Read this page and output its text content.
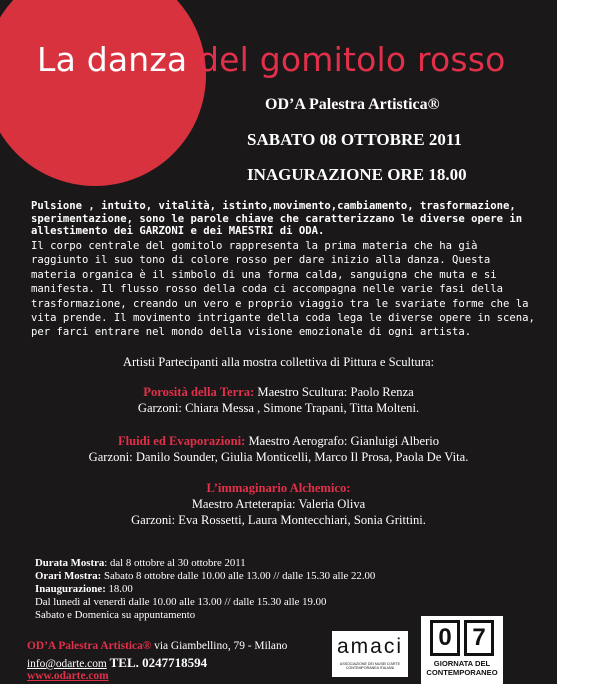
La danza del gomitolo rosso
OD’A Palestra Artistica®
SABATO 08 OTTOBRE 2011
INAGURAZIONE ORE 18.00
Pulsione , intuito, vitalità, istinto,movimento,cambiamento, trasformazione, sperimentazione, sono le parole chiave che caratterizzano le diverse opere in allestimento dei GARZONI e dei MAESTRI di ODA.
Il corpo centrale del gomitolo rappresenta la prima materia che ha già raggiunto il suo tono di colore rosso per dare inizio alla danza. Questa materia organica è il simbolo di una forma calda, sanguigna che muta e si manifesta. Il flusso rosso della coda ci accompagna nelle varie fasi della trasformazione, creando un vero e proprio viaggio tra le svariate forme che la vita prende. Il movimento intrigante della coda lega le diverse opere in scena, per farci entrare nel mondo della visione emozionale di ogni artista.
Artisti Partecipanti alla mostra collettiva di Pittura e Scultura:
Porosità della Terra: Maestro Scultura: Paolo Renza
Garzoni: Chiara Messa , Simone Trapani, Titta Molteni.
Fluidi ed Evaporazioni: Maestro Aerografo: Gianluigi Alberio
Garzoni: Danilo Sounder, Giulia Monticelli, Marco Il Prosa, Paola De Vita.
L’immaginario Alchemico:
Maestro Arteterapia: Valeria Oliva
Garzoni: Eva Rossetti, Laura Montecchiari, Sonia Grittini.
Durata Mostra: dal 8 ottobre al 30 ottobre 2011
Orari Mostra: Sabato 8 ottobre dalle 10.00 alle 13.00 // dalle 15.30 alle 22.00
Inaugurazione: 18.00
Dal lunedì al venerdì dalle 10.00 alle 13.00 // dalle 15.30 alle 19.00
Sabato e Domenica su appuntamento
OD’A Palestra Artistica® via Giambellino, 79 - Milano
info@odarte.com TEL. 0247718594
www.odarte.com
amaci
ASSOCIAZIONE DEI MUSEI D'ARTE CONTEMPORANEA ITALIANI
0 7
GIORNATA DEL
CONTEMPORANEO
